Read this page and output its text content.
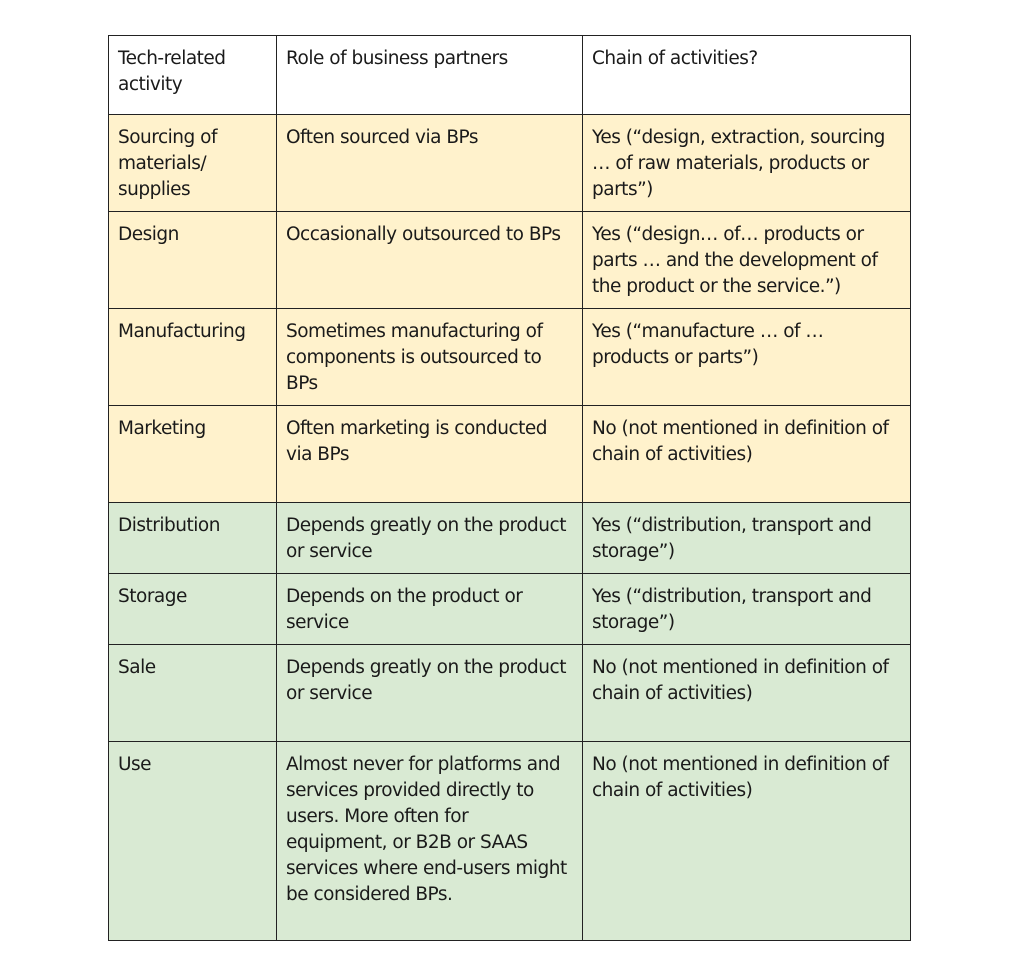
Tech-related activity	Role of business partners	Chain of activities?
Sourcing of materials/ supplies	Often sourced via BPs	Yes (“design, extraction, sourcing … of raw materials, products or parts”)
Design	Occasionally outsourced to BPs	Yes (“design… of… products or parts … and the development of the product or the service.”)
Manufacturing	Sometimes manufacturing of components is outsourced to BPs	Yes (“manufacture … of … products or parts”)
Marketing	Often marketing is conducted via BPs	No (not mentioned in definition of chain of activities)
Distribution	Depends greatly on the product or service	Yes (“distribution, transport and storage”)
Storage	Depends on the product or service	Yes (“distribution, transport and storage”)
Sale	Depends greatly on the product or service	No (not mentioned in definition of chain of activities)
Use	Almost never for platforms and services provided directly to users. More often for equipment, or B2B or SAAS services where end-users might be considered BPs.	No (not mentioned in definition of chain of activities)
